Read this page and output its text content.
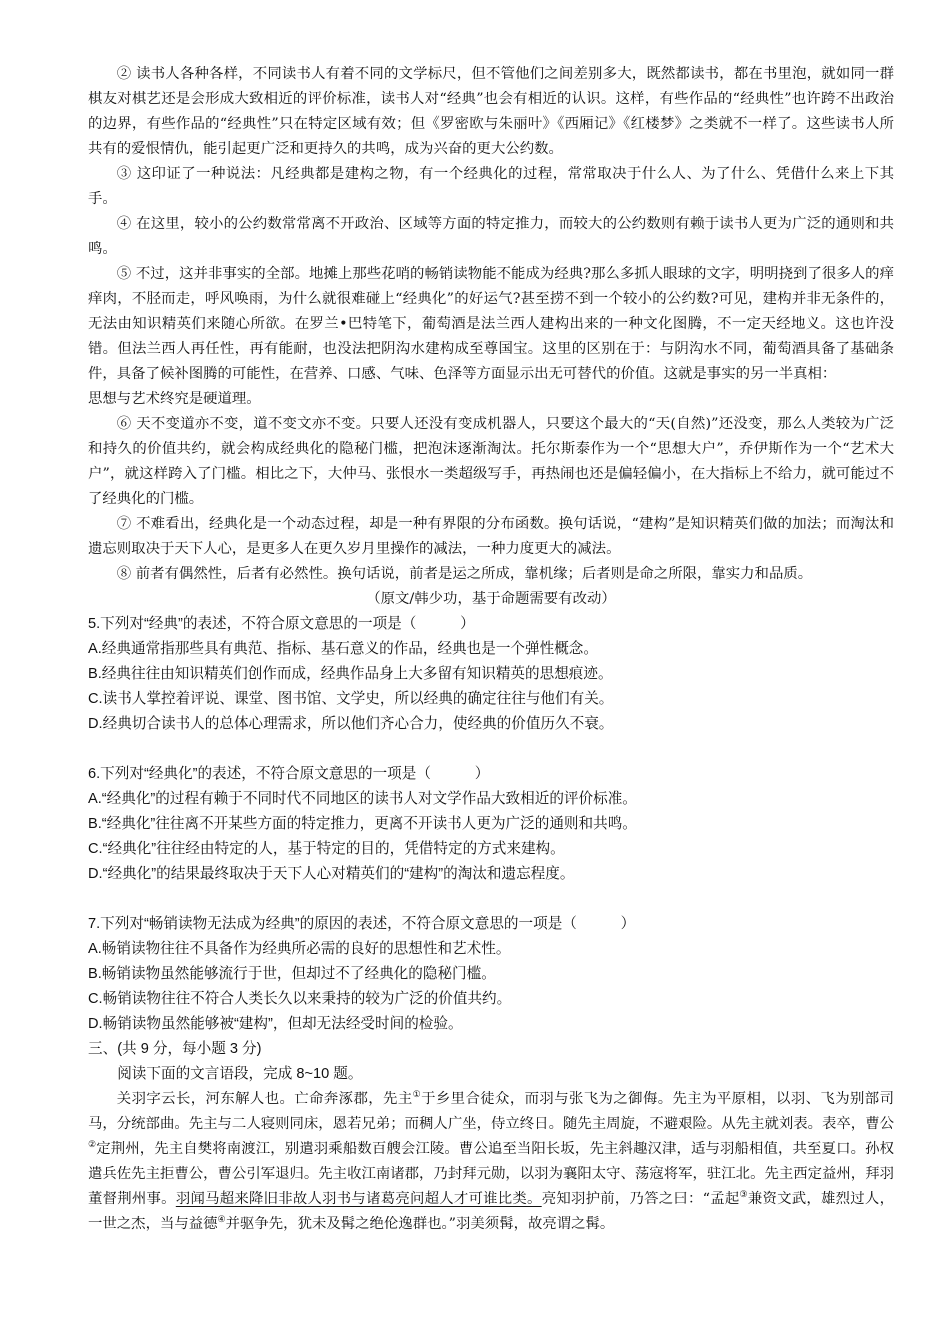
② 读书人各种各样，不同读书人有着不同的文学标尺，但不管他们之间差别多大，既然都读书，都在书里泡，就如同一群棋友对棋艺还是会形成大致相近的评价标准，读书人对“经典”也会有相近的认识。这样，有些作品的“经典性”也许跨不出政治的边界，有些作品的“经典性”只在特定区域有效；但《罗密欧与朱丽叶》《西厢记》《红楼梦》之类就不一样了。这些读书人所共有的爱恨情仇，能引起更广泛和更持久的共鸣，成为兴奋的更大公约数。

③ 这印证了一种说法：凡经典都是建构之物，有一个经典化的过程，常常取决于什么人、为了什么、凭借什么来上下其手。

④ 在这里，较小的公约数常常离不开政治、区域等方面的特定推力，而较大的公约数则有赖于读书人更为广泛的通则和共鸣。

⑤ 不过，这并非事实的全部。地摊上那些花哨的畅销读物能不能成为经典?那么多抓人眼球的文字，明明挠到了很多人的痒痒肉，不胫而走，呼风唤雨，为什么就很难碰上“经典化”的好运气?甚至捞不到一个较小的公约数?可见，建构并非无条件的，无法由知识精英们来随心所欲。在罗兰•巴特笔下，葡萄酒是法兰西人建构出来的一种文化图腾，不一定天经地义。这也许没错。但法兰西人再任性，再有能耐，也没法把阴沟水建构成至尊国宝。这里的区别在于：与阴沟水不同，葡萄酒具备了基础条件，具备了候补图腾的可能性，在营养、口感、气味、色泽等方面显示出无可替代的价值。这就是事实的另一半真相：

思想与艺术终究是硬道理。

⑥ 天不变道亦不变，道不变文亦不变。只要人还没有变成机器人，只要这个最大的“天(自然)”还没变，那么人类较为广泛和持久的价值共约，就会构成经典化的隐秘门槛，把泡沫逐渐淘汰。托尔斯泰作为一个“思想大户”，乔伊斯作为一个“艺术大户”，就这样跨入了门槛。相比之下，大仲马、张恨水一类超级写手，再热闹也还是偏轻偏小，在大指标上不给力，就可能过不了经典化的门槛。

⑦ 不难看出，经典化是一个动态过程，却是一种有界限的分布函数。换句话说，“建构”是知识精英们做的加法；而淘汰和遗忘则取决于天下人心，是更多人在更久岁月里操作的减法，一种力度更大的减法。

⑧ 前者有偶然性，后者有必然性。换句话说，前者是运之所成，靠机缘；后者则是命之所限，靠实力和品质。

（原文/韩少功，基于命题需要有改动）

5.下列对“经典”的表述，不符合原文意思的一项是（　　　）

A.经典通常指那些具有典范、指标、基石意义的作品，经典也是一个弹性概念。

B.经典往往由知识精英们创作而成，经典作品身上大多留有知识精英的思想痕迹。

C.读书人掌控着评说、课堂、图书馆、文学史，所以经典的确定往往与他们有关。

D.经典切合读书人的总体心理需求，所以他们齐心合力，使经典的价值历久不衰。

6.下列对“经典化”的表述，不符合原文意思的一项是（　　　）

A.“经典化”的过程有赖于不同时代不同地区的读书人对文学作品大致相近的评价标准。

B.“经典化”往往离不开某些方面的特定推力，更离不开读书人更为广泛的通则和共鸣。

C.“经典化”往往经由特定的人，基于特定的目的，凭借特定的方式来建构。

D.“经典化”的结果最终取决于天下人心对精英们的“建构”的淘汰和遗忘程度。

7.下列对“畅销读物无法成为经典”的原因的表述，不符合原文意思的一项是（　　　）

A.畅销读物往往不具备作为经典所必需的良好的思想性和艺术性。

B.畅销读物虽然能够流行于世，但却过不了经典化的隐秘门槛。

C.畅销读物往往不符合人类长久以来秉持的较为广泛的价值共约。

D.畅销读物虽然能够被“建构”，但却无法经受时间的检验。

三、(共 9 分，每小题 3 分)

阅读下面的文言语段，完成 8~10 题。

关羽字云长，河东解人也。亡命奔涿郡，先主①于乡里合徒众，而羽与张飞为之御侮。先主为平原相，以羽、飞为别部司马，分统部曲。先主与二人寝则同床，恩若兄弟；而稠人广坐，侍立终日。随先主周旋，不避艰险。从先主就刘表。表卒，曹公②定荆州，先主自樊将南渡江，别遣羽乘船数百艘会江陵。曹公追至当阳长坂，先主斜趣汉津，适与羽船相值，共至夏口。孙权遣兵佐先主拒曹公，曹公引军退归。先主收江南诸郡，乃封拜元勋，以羽为襄阳太守、荡寇将军，驻江北。先主西定益州，拜羽董督荆州事。羽闻马超来降旧非故人羽书与诸葛亮问超人才可谁比类。亮知羽护前，乃答之曰：“孟起③兼资文武，雄烈过人，一世之杰，当与益德④并驱争先，犹未及髯之绝伦逸群也。”羽美须髯，故亮谓之髯。
